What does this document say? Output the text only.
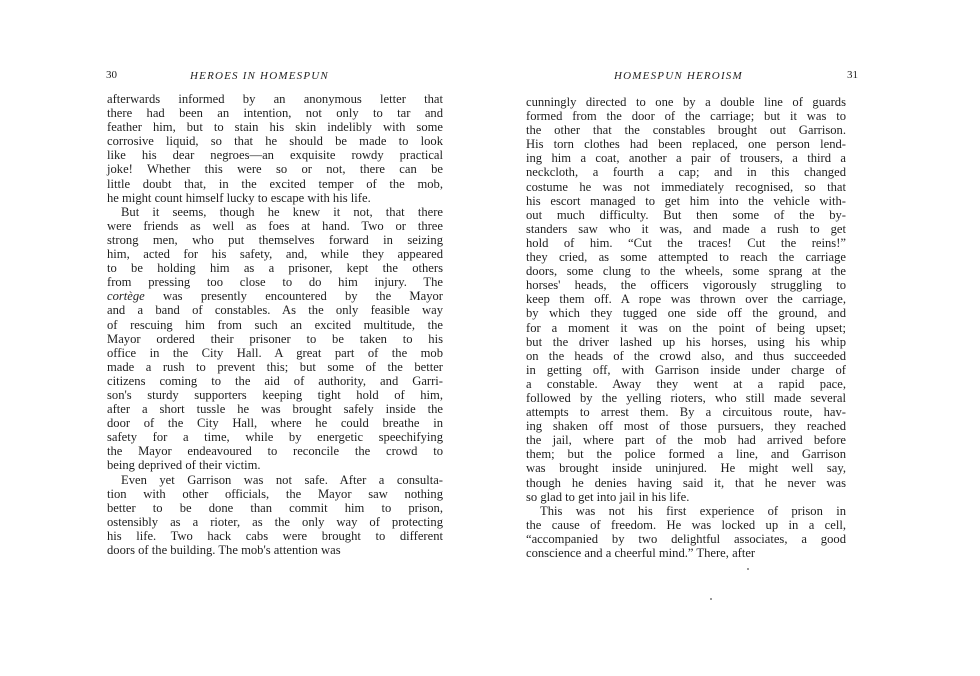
30	HEROES IN HOMESPUN
afterwards informed by an anonymous letter that
there had been an intention, not only to tar and
feather him, but to stain his skin indelibly with some
corrosive liquid, so that he should be made to look
like his dear negroes—an exquisite rowdy practical
joke! Whether this were so or not, there can be
little doubt that, in the excited temper of the mob,
he might count himself lucky to escape with his life.
But it seems, though he knew it not, that there
were friends as well as foes at hand. Two or three
strong men, who put themselves forward in seizing
him, acted for his safety, and, while they appeared
to be holding him as a prisoner, kept the others
from pressing too close to do him injury. The
cortège was presently encountered by the Mayor
and a band of constables. As the only feasible way
of rescuing him from such an excited multitude, the
Mayor ordered their prisoner to be taken to his
office in the City Hall. A great part of the mob
made a rush to prevent this; but some of the better
citizens coming to the aid of authority, and Garri-
son's sturdy supporters keeping tight hold of him,
after a short tussle he was brought safely inside the
door of the City Hall, where he could breathe in
safety for a time, while by energetic speechifying
the Mayor endeavoured to reconcile the crowd to
being deprived of their victim.
Even yet Garrison was not safe. After a consulta-
tion with other officials, the Mayor saw nothing
better to be done than commit him to prison,
ostensibly as a rioter, as the only way of protecting
his life. Two hack cabs were brought to different
doors of the building. The mob's attention was
HOMESPUN HEROISM	31
cunningly directed to one by a double line of guards
formed from the door of the carriage; but it was to
the other that the constables brought out Garrison.
His torn clothes had been replaced, one person lend-
ing him a coat, another a pair of trousers, a third a
neckcloth, a fourth a cap; and in this changed
costume he was not immediately recognised, so that
his escort managed to get him into the vehicle with-
out much difficulty. But then some of the by-
standers saw who it was, and made a rush to get
hold of him. “Cut the traces! Cut the reins!”
they cried, as some attempted to reach the carriage
doors, some clung to the wheels, some sprang at the
horses' heads, the officers vigorously struggling to
keep them off. A rope was thrown over the carriage,
by which they tugged one side off the ground, and
for a moment it was on the point of being upset;
but the driver lashed up his horses, using his whip
on the heads of the crowd also, and thus succeeded
in getting off, with Garrison inside under charge of
a constable. Away they went at a rapid pace,
followed by the yelling rioters, who still made several
attempts to arrest them. By a circuitous route, hav-
ing shaken off most of those pursuers, they reached
the jail, where part of the mob had arrived before
them; but the police formed a line, and Garrison
was brought inside uninjured. He might well say,
though he denies having said it, that he never was
so glad to get into jail in his life.
This was not his first experience of prison in
the cause of freedom. He was locked up in a cell,
“accompanied by two delightful associates, a good
conscience and a cheerful mind.” There, after
